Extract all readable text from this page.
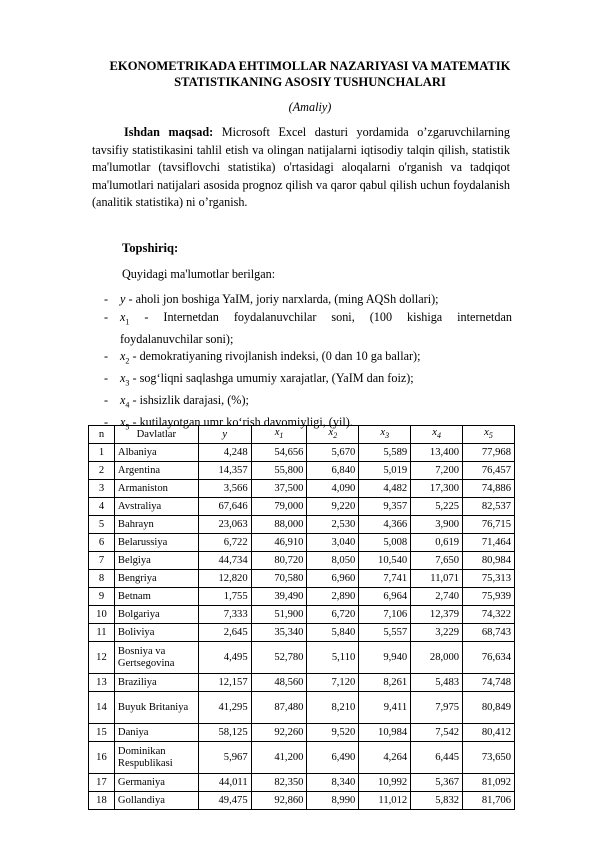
EKONOMETRIKADA EHTIMOLLAR NAZARIYASI VA MATEMATIK STATISTIKANING ASOSIY TUSHUNCHALARI
(Amaliy)
Ishdan maqsad: Microsoft Excel dasturi yordamida o’zgaruvchilarning tavsifiy statistikasini tahlil etish va olingan natijalarni iqtisodiy talqin qilish, statistik ma'lumotlar (tavsiflovchi statistika) o'rtasidagi aloqalarni o'rganish va tadqiqot ma'lumotlari natijalari asosida prognoz qilish va qaror qabul qilish uchun foydalanish (analitik statistika) ni o’rganish.
Topshiriq:
Quyidagi ma'lumotlar berilgan:
- y - aholi jon boshiga YaIM, joriy narxlarda, (ming AQSh dollari);
- $x_1$ - Internetdan foydalanuvchilar soni, (100 kishiga internetdan
foydalanuvchilar soni);
- $x_2$ - demokratiyaning rivojlanish indeksi, (0 dan 10 ga ballar);
- $x_3$ - sog‘liqni saqlashga umumiy xarajatlar, (YaIM dan foiz);
- $x_4$ - ishsizlik darajasi, (%);
- $x_5$ - kutilayotgan umr ko‘rish davomiyligi, (yil).
n	Davlatlar	y	$x_1$	$x_2$	$x_3$	$x_4$	$x_5$
1	Albaniya	4,248	54,656	5,670	5,589	13,400	77,968
2	Argentina	14,357	55,800	6,840	5,019	7,200	76,457
3	Armaniston	3,566	37,500	4,090	4,482	17,300	74,886
4	Avstraliya	67,646	79,000	9,220	9,357	5,225	82,537
5	Bahrayn	23,063	88,000	2,530	4,366	3,900	76,715
6	Belarussiya	6,722	46,910	3,040	5,008	0,619	71,464
7	Belgiya	44,734	80,720	8,050	10,540	7,650	80,984
8	Bengriya	12,820	70,580	6,960	7,741	11,071	75,313
9	Betnam	1,755	39,490	2,890	6,964	2,740	75,939
10	Bolgariya	7,333	51,900	6,720	7,106	12,379	74,322
11	Boliviya	2,645	35,340	5,840	5,557	3,229	68,743
12	Bosniya va Gertsegovina	4,495	52,780	5,110	9,940	28,000	76,634
13	Braziliya	12,157	48,560	7,120	8,261	5,483	74,748
14	Buyuk Britaniya	41,295	87,480	8,210	9,411	7,975	80,849
15	Daniya	58,125	92,260	9,520	10,984	7,542	80,412
16	Dominikan Respublikasi	5,967	41,200	6,490	4,264	6,445	73,650
17	Germaniya	44,011	82,350	8,340	10,992	5,367	81,092
18	Gollandiya	49,475	92,860	8,990	11,012	5,832	81,706
